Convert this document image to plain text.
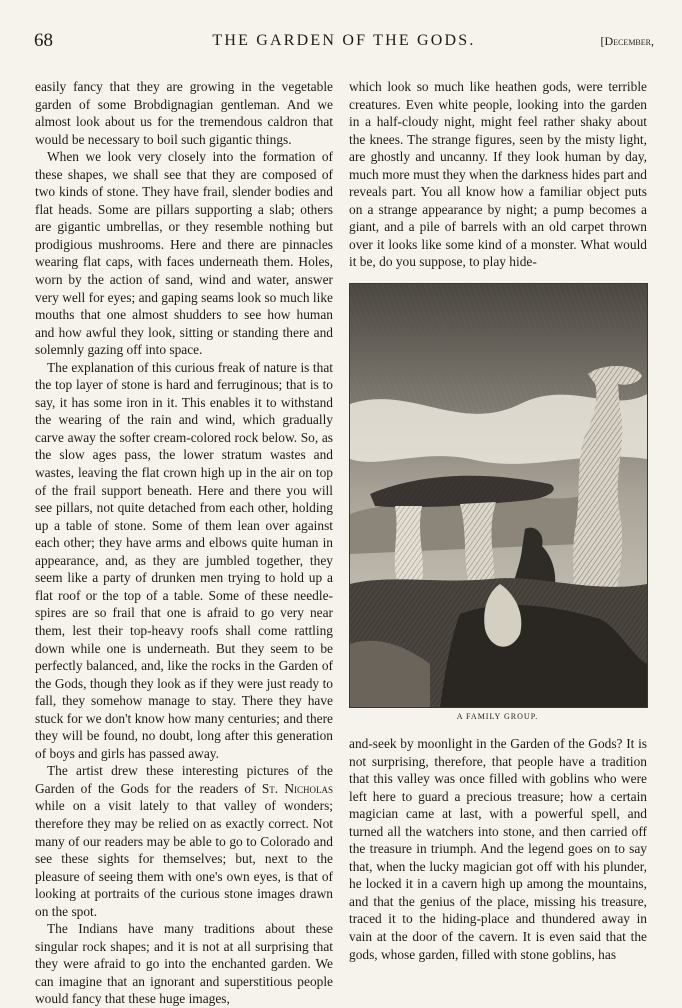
68	THE GARDEN OF THE GODS.	[December,

easily fancy that they are growing in the vegetable garden of some Brobdignagian gentleman. And we almost look about us for the tremendous caldron that would be necessary to boil such gigantic things.

When we look very closely into the formation of these shapes, we shall see that they are composed of two kinds of stone. They have frail, slender bodies and flat heads. Some are pillars supporting a slab; others are gigantic umbrellas, or they resemble nothing but prodigious mushrooms. Here and there are pinnacles wearing flat caps, with faces underneath them. Holes, worn by the action of sand, wind and water, answer very well for eyes; and gaping seams look so much like mouths that one almost shudders to see how human and how awful they look, sitting or standing there and solemnly gazing off into space.

The explanation of this curious freak of nature is that the top layer of stone is hard and ferruginous; that is to say, it has some iron in it. This enables it to withstand the wearing of the rain and wind, which gradually carve away the softer cream-colored rock below. So, as the slow ages pass, the lower stratum wastes and wastes, leaving the flat crown high up in the air on top of the frail support beneath. Here and there you will see pillars, not quite detached from each other, holding up a table of stone. Some of them lean over against each other; they have arms and elbows quite human in appearance, and, as they are jumbled together, they seem like a party of drunken men trying to hold up a flat roof or the top of a table. Some of these needle-spires are so frail that one is afraid to go very near them, lest their top-heavy roofs shall come rattling down while one is underneath. But they seem to be perfectly balanced, and, like the rocks in the Garden of the Gods, though they look as if they were just ready to fall, they somehow manage to stay. There they have stuck for we don't know how many centuries; and there they will be found, no doubt, long after this generation of boys and girls has passed away.

The artist drew these interesting pictures of the Garden of the Gods for the readers of St. Nicholas while on a visit lately to that valley of wonders; therefore they may be relied on as exactly correct. Not many of our readers may be able to go to Colorado and see these sights for themselves; but, next to the pleasure of seeing them with one's own eyes, is that of looking at portraits of the curious stone images drawn on the spot.

The Indians have many traditions about these singular rock shapes; and it is not at all surprising that they were afraid to go into the enchanted garden. We can imagine that an ignorant and superstitious people would fancy that these huge images,

which look so much like heathen gods, were terrible creatures. Even white people, looking into the garden in a half-cloudy night, might feel rather shaky about the knees. The strange figures, seen by the misty light, are ghostly and uncanny. If they look human by day, much more must they when the darkness hides part and reveals part. You all know how a familiar object puts on a strange appearance by night; a pump becomes a giant, and a pile of barrels with an old carpet thrown over it looks like some kind of a monster. What would it be, do you suppose, to play hide-

A FAMILY GROUP.

and-seek by moonlight in the Garden of the Gods? It is not surprising, therefore, that people have a tradition that this valley was once filled with goblins who were left here to guard a precious treasure; how a certain magician came at last, with a powerful spell, and turned all the watchers into stone, and then carried off the treasure in triumph. And the legend goes on to say that, when the lucky magician got off with his plunder, he locked it in a cavern high up among the mountains, and that the genius of the place, missing his treasure, traced it to the hiding-place and thundered away in vain at the door of the cavern. It is even said that the gods, whose garden, filled with stone goblins, has
